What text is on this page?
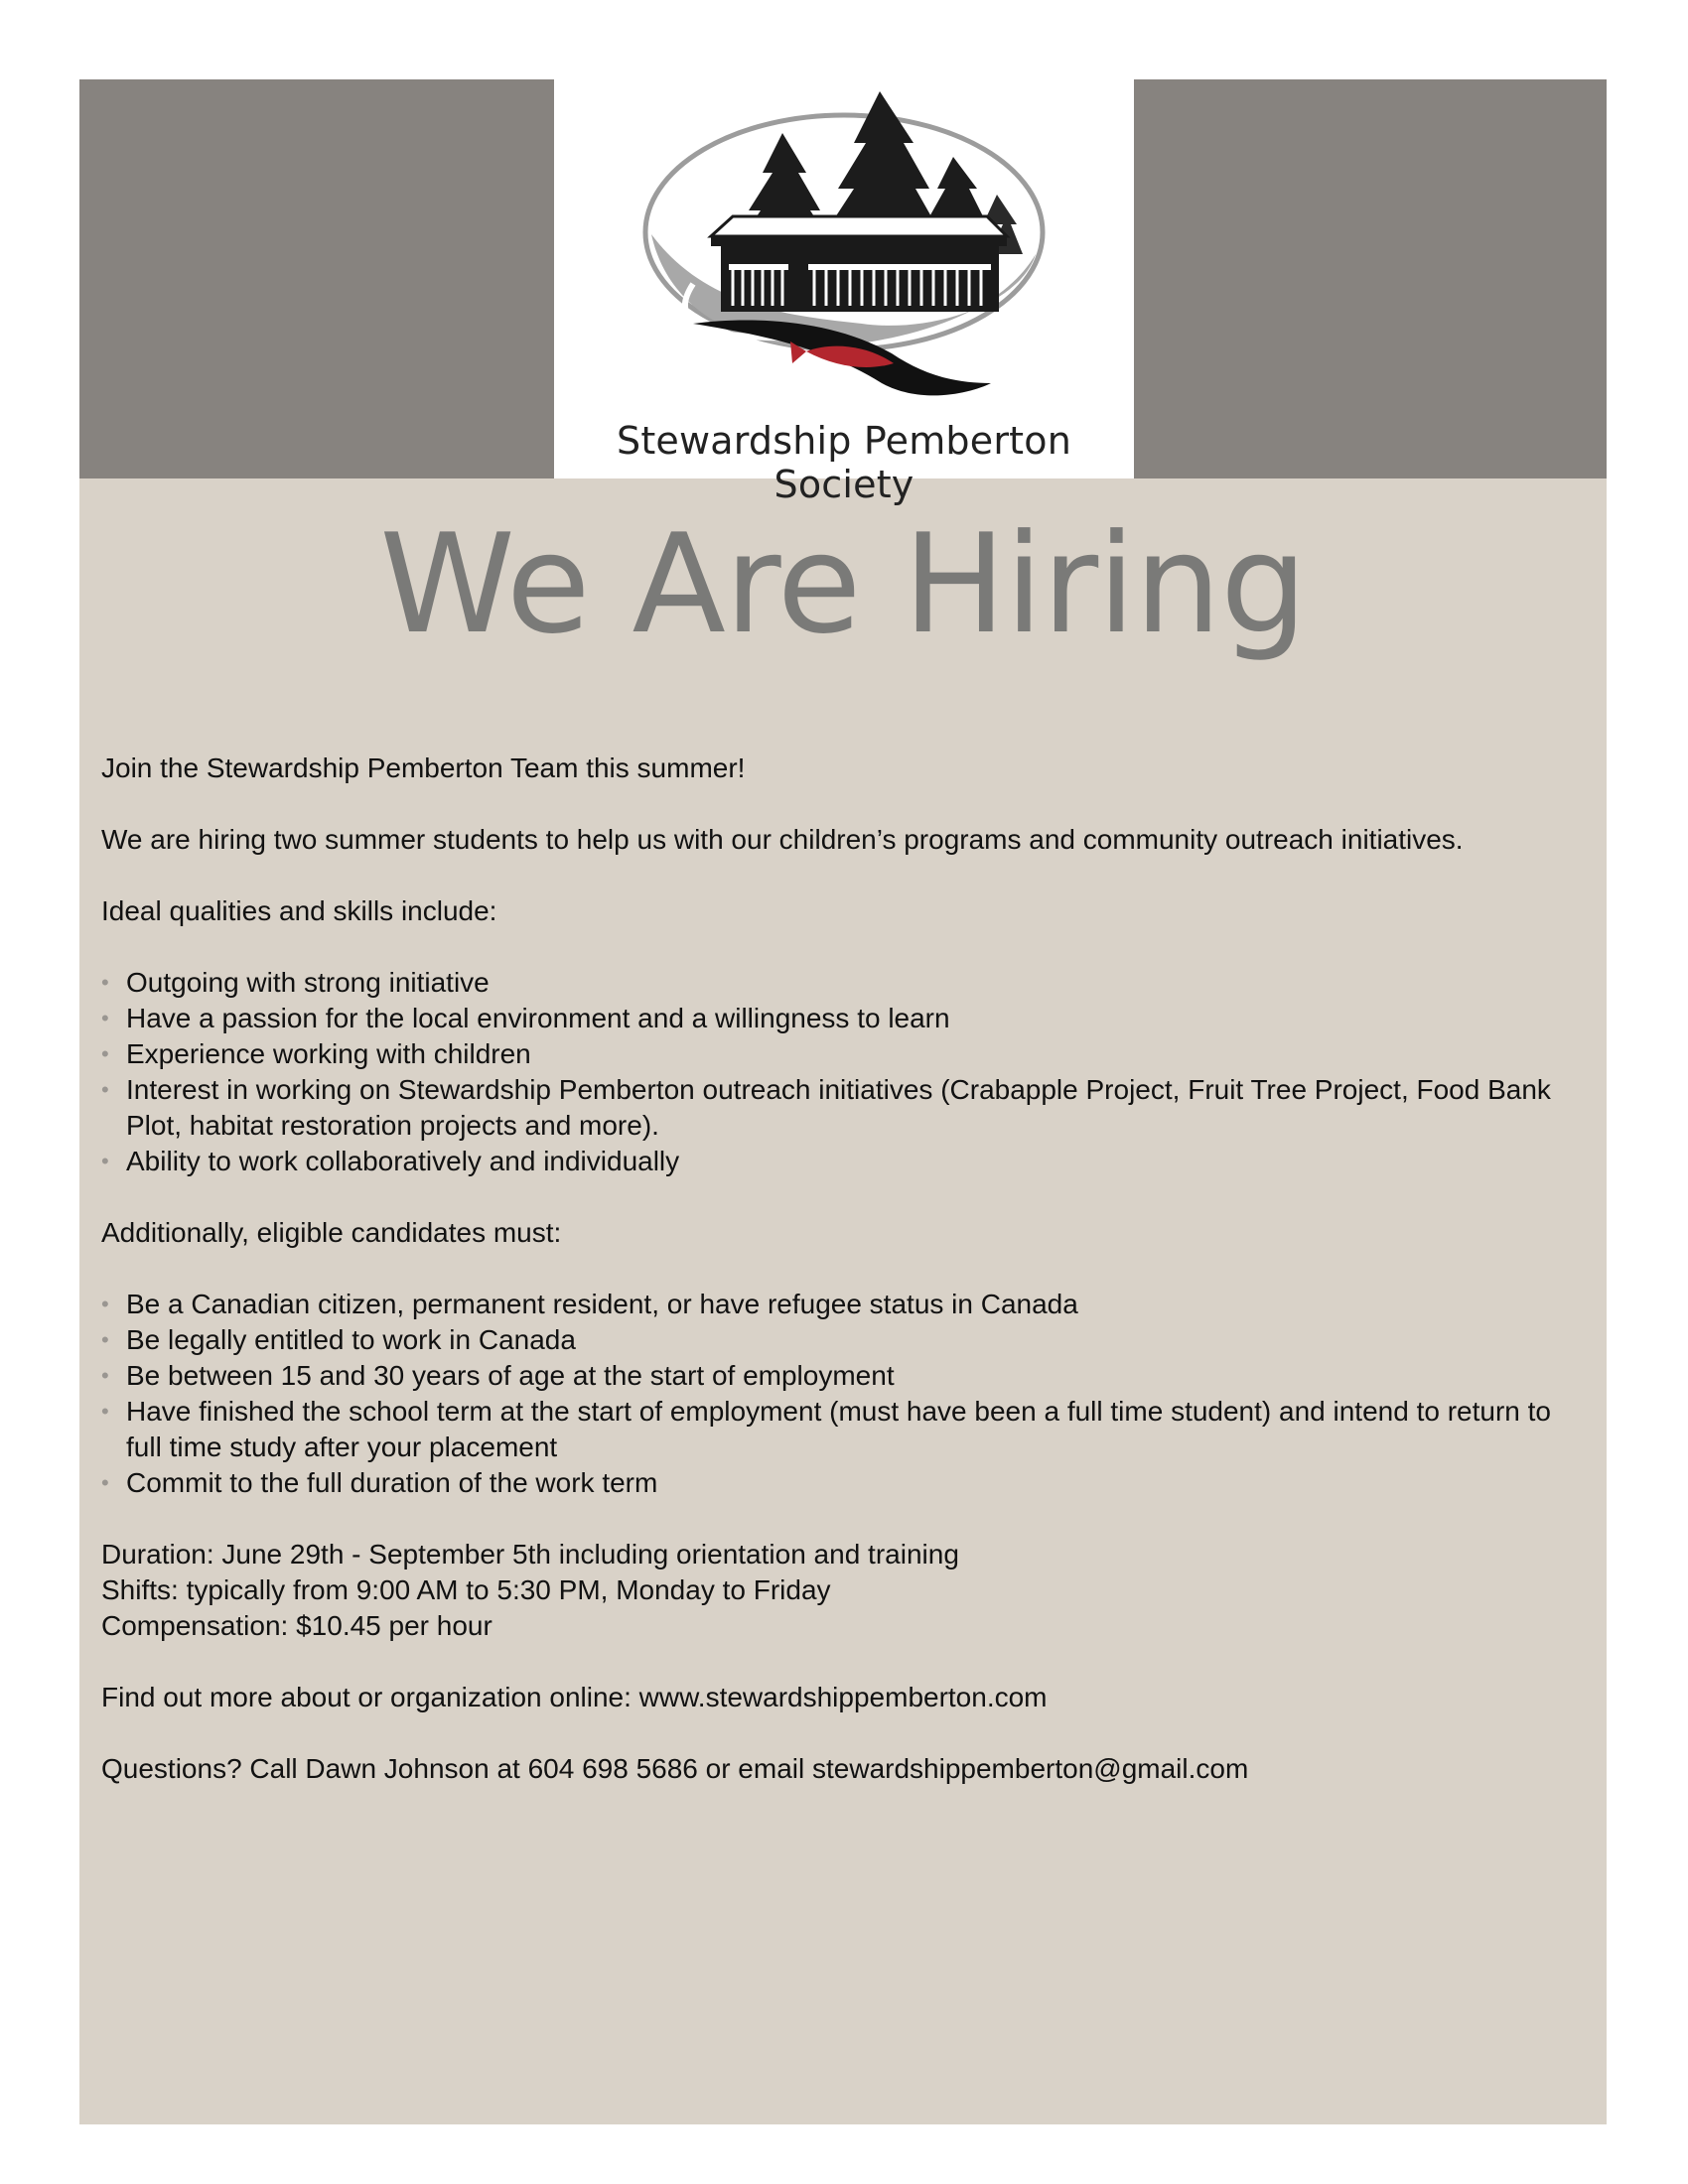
Stewardship Pemberton Society
We Are Hiring

Join the Stewardship Pemberton Team this summer!

We are hiring two summer students to help us with our children’s programs and community outreach initiatives.

Ideal qualities and skills include:

• Outgoing with strong initiative
• Have a passion for the local environment and a willingness to learn
• Experience working with children
• Interest in working on Stewardship Pemberton outreach initiatives (Crabapple Project, Fruit Tree Project, Food Bank Plot, habitat restoration projects and more).
• Ability to work collaboratively and individually

Additionally, eligible candidates must:

• Be a Canadian citizen, permanent resident, or have refugee status in Canada
• Be legally entitled to work in Canada
• Be between 15 and 30 years of age at the start of employment
• Have finished the school term at the start of employment (must have been a full time student) and intend to return to full time study after your placement
• Commit to the full duration of the work term

Duration: June 29th - September 5th including orientation and training

Shifts: typically from 9:00 AM to 5:30 PM, Monday to Friday

Compensation: $10.45 per hour

Find out more about or organization online: www.stewardshippemberton.com

Questions? Call Dawn Johnson at 604 698 5686 or email stewardshippemberton@gmail.com
